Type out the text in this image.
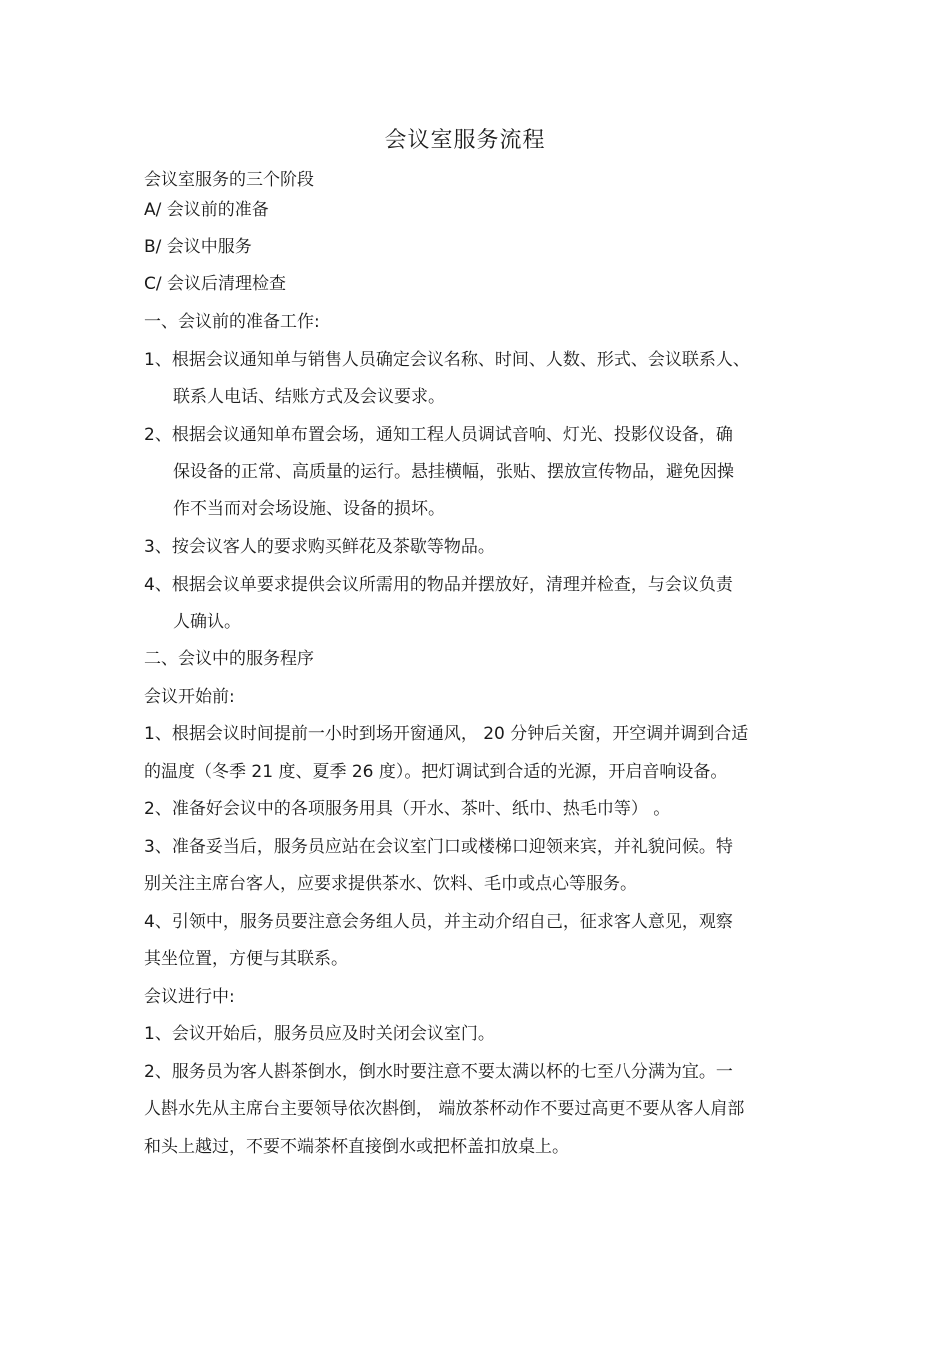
会议室服务流程
会议室服务的三个阶段
A/ 会议前的准备
B/ 会议中服务
C/ 会议后清理检查
一、会议前的准备工作:
1、根据会议通知单与销售人员确定会议名称、时间、人数、形式、会议联系人、
联系人电话、结账方式及会议要求。
2、根据会议通知单布置会场，通知工程人员调试音响、灯光、投影仪设备，确
保设备的正常、高质量的运行。悬挂横幅，张贴、摆放宣传物品，避免因操
作不当而对会场设施、设备的损坏。
3、按会议客人的要求购买鲜花及茶歇等物品。
4、根据会议单要求提供会议所需用的物品并摆放好，清理并检查，与会议负责
人确认。
二、会议中的服务程序
会议开始前:
1、根据会议时间提前一小时到场开窗通风， 20 分钟后关窗，开空调并调到合适
的温度（冬季 21 度、夏季 26 度）。把灯调试到合适的光源，开启音响设备。
2、准备好会议中的各项服务用具（开水、茶叶、纸巾、热毛巾等） 。
3、准备妥当后，服务员应站在会议室门口或楼梯口迎领来宾，并礼貌问候。特
别关注主席台客人，应要求提供茶水、饮料、毛巾或点心等服务。
4、引领中，服务员要注意会务组人员，并主动介绍自己，征求客人意见，观察
其坐位置，方便与其联系。
会议进行中:
1、会议开始后，服务员应及时关闭会议室门。
2、服务员为客人斟茶倒水，倒水时要注意不要太满以杯的七至八分满为宜。一
人斟水先从主席台主要领导依次斟倒， 端放茶杯动作不要过高更不要从客人肩部
和头上越过，不要不端茶杯直接倒水或把杯盖扣放桌上。
